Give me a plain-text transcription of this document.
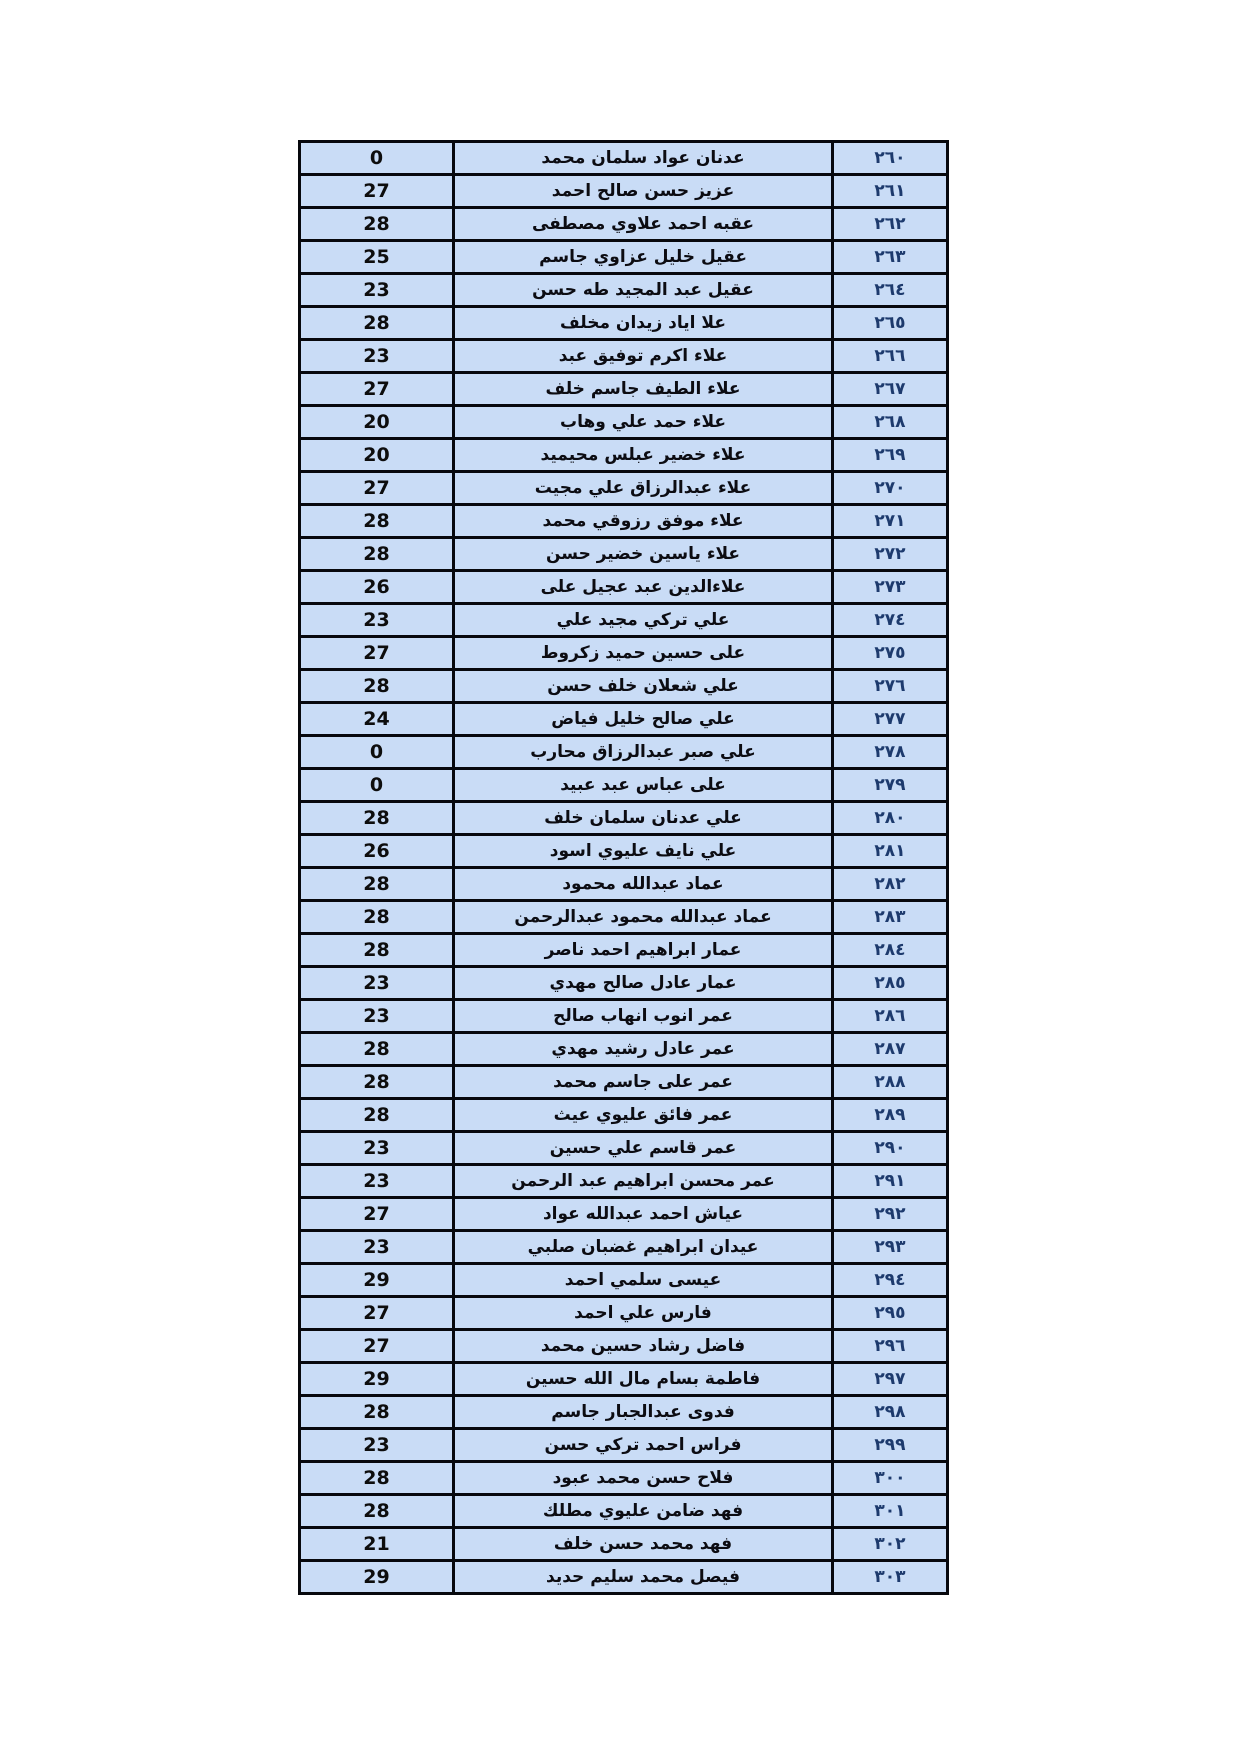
0	عدنان عواد سلمان محمد	٢٦٠
27	عزيز حسن صالح احمد	٢٦١
28	عقبه احمد علاوي مصطفى	٢٦٢
25	عقيل خليل عزاوي جاسم	٢٦٣
23	عقيل عبد المجيد طه حسن	٢٦٤
28	علا اياد زيدان مخلف	٢٦٥
23	علاء اكرم توفيق عبد	٢٦٦
27	علاء الطيف جاسم خلف	٢٦٧
20	علاء حمد علي وهاب	٢٦٨
20	علاء خضير عبلس محيميد	٢٦٩
27	علاء عبدالرزاق علي مجيت	٢٧٠
28	علاء موفق رزوقي محمد	٢٧١
28	علاء ياسين خضير حسن	٢٧٢
26	علاءالدين عبد عجيل على	٢٧٣
23	علي تركي مجيد علي	٢٧٤
27	على حسين حميد زكروط	٢٧٥
28	علي شعلان خلف حسن	٢٧٦
24	علي صالح خليل فياض	٢٧٧
0	علي صبر عبدالرزاق محارب	٢٧٨
0	على عباس عبد عبيد	٢٧٩
28	علي عدنان سلمان خلف	٢٨٠
26	علي نايف عليوي اسود	٢٨١
28	عماد عبدالله محمود	٢٨٢
28	عماد عبدالله محمود عبدالرحمن	٢٨٣
28	عمار ابراهيم احمد ناصر	٢٨٤
23	عمار عادل صالح مهدي	٢٨٥
23	عمر انوب انهاب صالح	٢٨٦
28	عمر عادل رشيد مهدي	٢٨٧
28	عمر على جاسم محمد	٢٨٨
28	عمر فائق عليوي عيث	٢٨٩
23	عمر قاسم علي حسين	٢٩٠
23	عمر محسن ابراهيم عبد الرحمن	٢٩١
27	عياش احمد عبدالله عواد	٢٩٢
23	عيدان ابراهيم غضبان صلبي	٢٩٣
29	عيسى سلمي احمد	٢٩٤
27	فارس علي احمد	٢٩٥
27	فاضل رشاد حسين محمد	٢٩٦
29	فاطمة بسام مال الله حسين	٢٩٧
28	فدوى عبدالجبار جاسم	٢٩٨
23	فراس احمد تركي حسن	٢٩٩
28	فلاح حسن محمد عبود	٣٠٠
28	فهد ضامن عليوي مطلك	٣٠١
21	فهد محمد حسن خلف	٣٠٢
29	فيصل محمد سليم حديد	٣٠٣
